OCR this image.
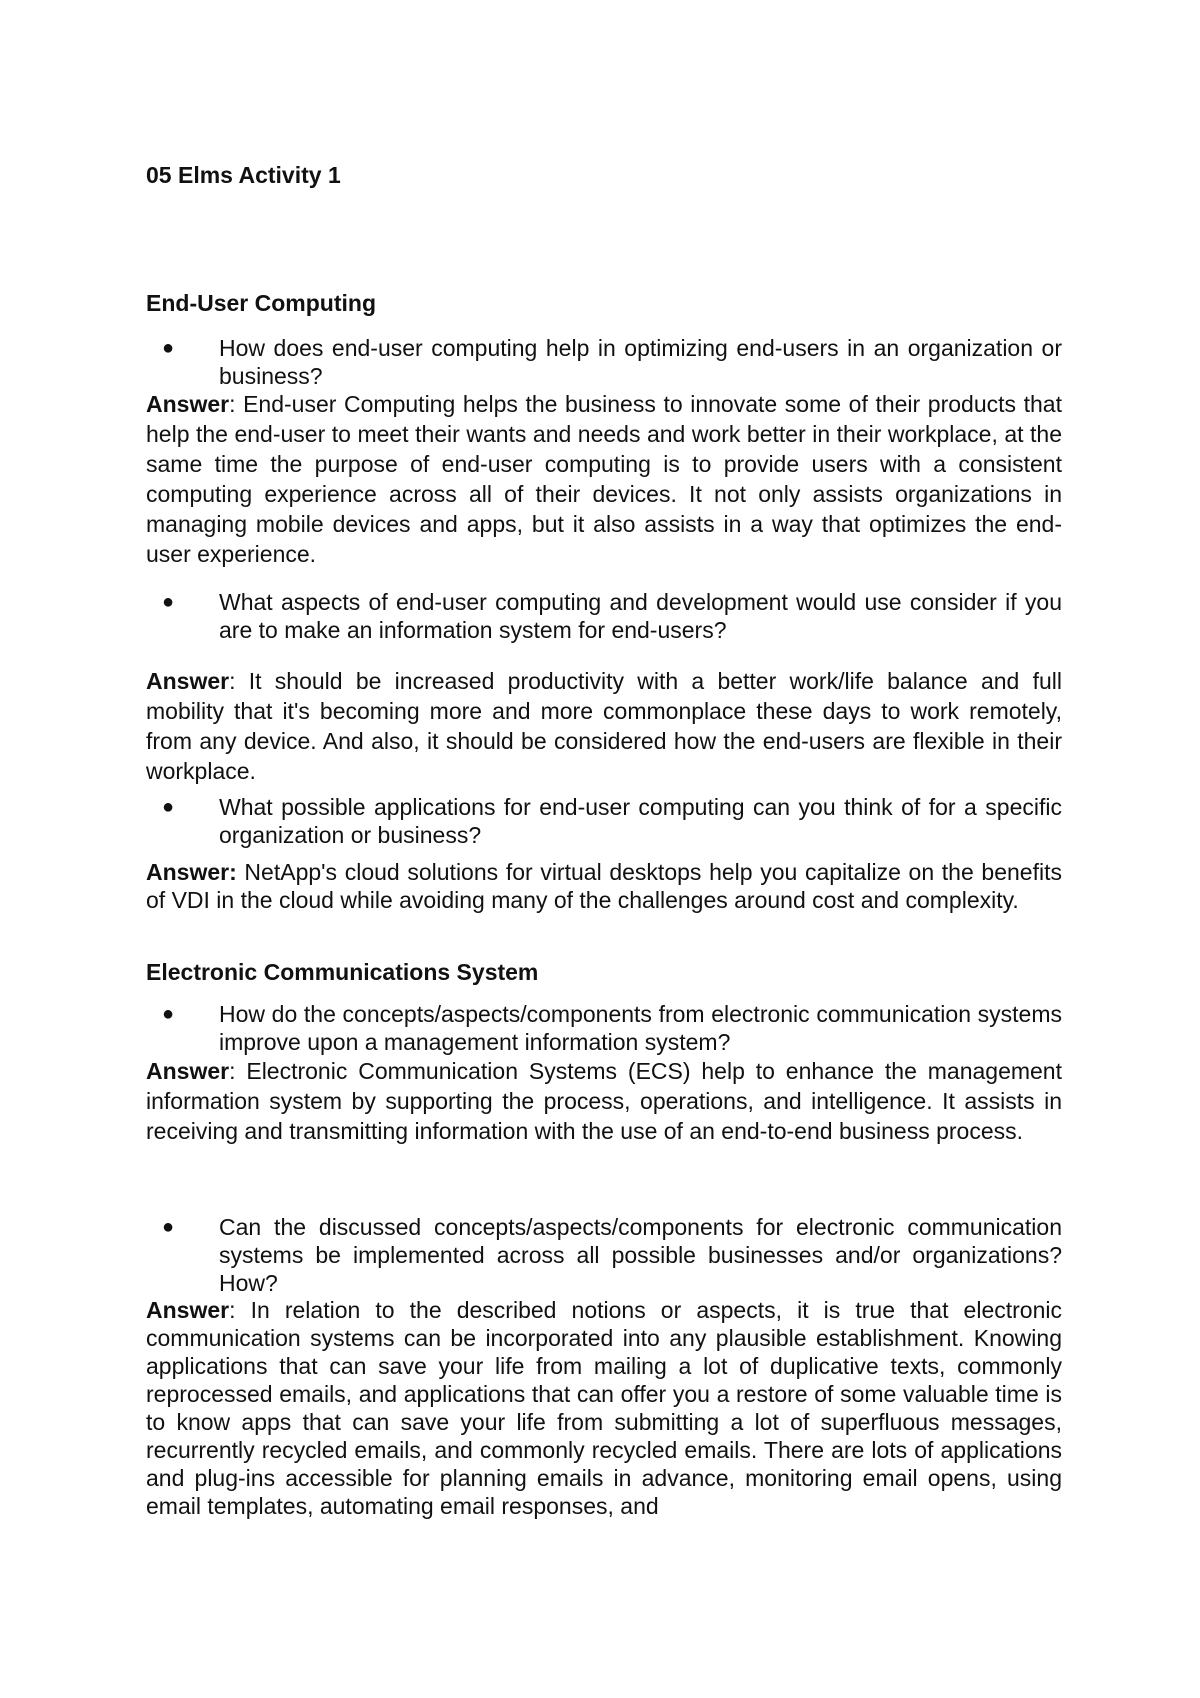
05 Elms Activity 1
End-User Computing
● How does end-user computing help in optimizing end-users in an organization or business?

Answer: End-user Computing helps the business to innovate some of their products that help the end-user to meet their wants and needs and work better in their workplace, at the same time the purpose of end-user computing is to provide users with a consistent computing experience across all of their devices. It not only assists organizations in managing mobile devices and apps, but it also assists in a way that optimizes the end-user experience.

● What aspects of end-user computing and development would use consider if you are to make an information system for end-users?

Answer: It should be increased productivity with a better work/life balance and full mobility that it's becoming more and more commonplace these days to work remotely, from any device. And also, it should be considered how the end-users are flexible in their workplace.

● What possible applications for end-user computing can you think of for a specific organization or business?

Answer: NetApp's cloud solutions for virtual desktops help you capitalize on the benefits of VDI in the cloud while avoiding many of the challenges around cost and complexity.

Electronic Communications System
● How do the concepts/aspects/components from electronic communication systems improve upon a management information system?

Answer: Electronic Communication Systems (ECS) help to enhance the management information system by supporting the process, operations, and intelligence. It assists in receiving and transmitting information with the use of an end-to-end business process.

● Can the discussed concepts/aspects/components for electronic communication systems be implemented across all possible businesses and/or organizations? How?

Answer: In relation to the described notions or aspects, it is true that electronic communication systems can be incorporated into any plausible establishment. Knowing applications that can save your life from mailing a lot of duplicative texts, commonly reprocessed emails, and applications that can offer you a restore of some valuable time is to know apps that can save your life from submitting a lot of superfluous messages, recurrently recycled emails, and commonly recycled emails. There are lots of applications and plug-ins accessible for planning emails in advance, monitoring email opens, using email templates, automating email responses, and
